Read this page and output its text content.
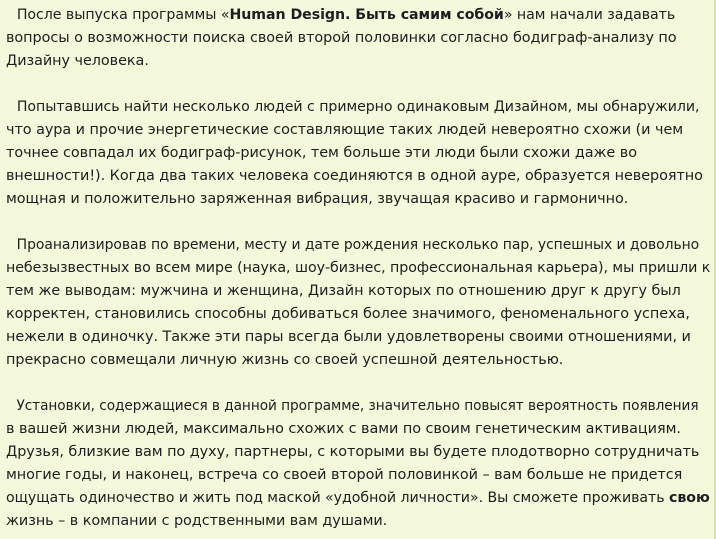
После выпуска программы «Human Design. Быть самим собой» нам начали задавать
вопросы о возможности поиска своей второй половинки согласно бодиграф-анализу по
Дизайну человека.

Попытавшись найти несколько людей с примерно одинаковым Дизайном, мы обнаружили,
что аура и прочие энергетические составляющие таких людей невероятно схожи (и чем
точнее совпадал их бодиграф-рисунок, тем больше эти люди были схожи даже во
внешности!). Когда два таких человека соединяются в одной ауре, образуется невероятно
мощная и положительно заряженная вибрация, звучащая красиво и гармонично.

Проанализировав по времени, месту и дате рождения несколько пар, успешных и довольно
небезызвестных во всем мире (наука, шоу-бизнес, профессиональная карьера), мы пришли к
тем же выводам: мужчина и женщина, Дизайн которых по отношению друг к другу был
корректен, становились способны добиваться более значимого, феноменального успеха,
нежели в одиночку. Также эти пары всегда были удовлетворены своими отношениями, и
прекрасно совмещали личную жизнь со своей успешной деятельностью.

Установки, содержащиеся в данной программе, значительно повысят вероятность появления
в вашей жизни людей, максимально схожих с вами по своим генетическим активациям.
Друзья, близкие вам по духу, партнеры, с которыми вы будете плодотворно сотрудничать
многие годы, и наконец, встреча со своей второй половинкой – вам больше не придется
ощущать одиночество и жить под маской «удобной личности». Вы сможете проживать свою
жизнь – в компании с родственными вам душами.
